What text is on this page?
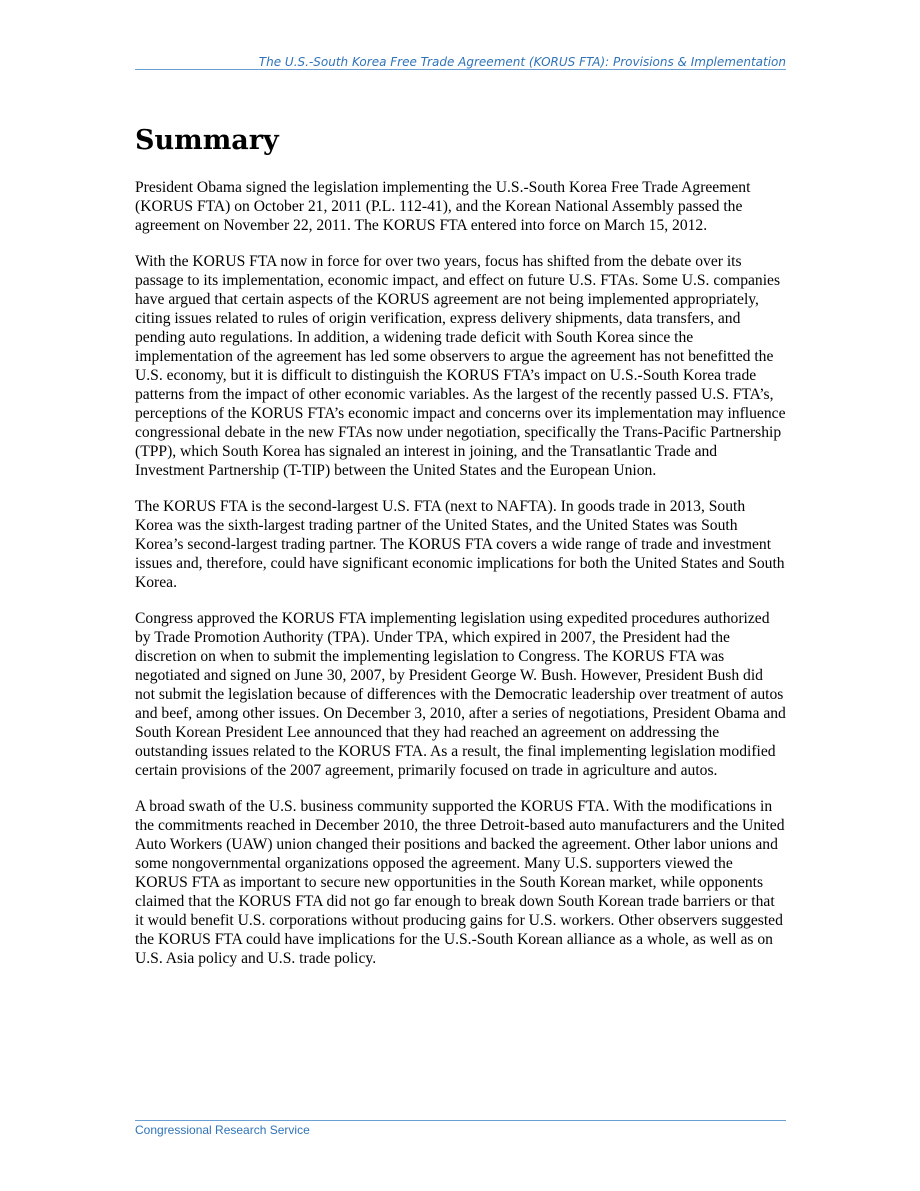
The U.S.-South Korea Free Trade Agreement (KORUS FTA): Provisions & Implementation
Summary

President Obama signed the legislation implementing the U.S.-South Korea Free Trade Agreement (KORUS FTA) on October 21, 2011 (P.L. 112-41), and the Korean National Assembly passed the agreement on November 22, 2011. The KORUS FTA entered into force on March 15, 2012.

With the KORUS FTA now in force for over two years, focus has shifted from the debate over its passage to its implementation, economic impact, and effect on future U.S. FTAs. Some U.S. companies have argued that certain aspects of the KORUS agreement are not being implemented appropriately, citing issues related to rules of origin verification, express delivery shipments, data transfers, and pending auto regulations. In addition, a widening trade deficit with South Korea since the implementation of the agreement has led some observers to argue the agreement has not benefitted the U.S. economy, but it is difficult to distinguish the KORUS FTA’s impact on U.S.-South Korea trade patterns from the impact of other economic variables. As the largest of the recently passed U.S. FTA’s, perceptions of the KORUS FTA’s economic impact and concerns over its implementation may influence congressional debate in the new FTAs now under negotiation, specifically the Trans-Pacific Partnership (TPP), which South Korea has signaled an interest in joining, and the Transatlantic Trade and Investment Partnership (T-TIP) between the United States and the European Union.

The KORUS FTA is the second-largest U.S. FTA (next to NAFTA). In goods trade in 2013, South Korea was the sixth-largest trading partner of the United States, and the United States was South Korea’s second-largest trading partner. The KORUS FTA covers a wide range of trade and investment issues and, therefore, could have significant economic implications for both the United States and South Korea.

Congress approved the KORUS FTA implementing legislation using expedited procedures authorized by Trade Promotion Authority (TPA). Under TPA, which expired in 2007, the President had the discretion on when to submit the implementing legislation to Congress. The KORUS FTA was negotiated and signed on June 30, 2007, by President George W. Bush. However, President Bush did not submit the legislation because of differences with the Democratic leadership over treatment of autos and beef, among other issues. On December 3, 2010, after a series of negotiations, President Obama and South Korean President Lee announced that they had reached an agreement on addressing the outstanding issues related to the KORUS FTA. As a result, the final implementing legislation modified certain provisions of the 2007 agreement, primarily focused on trade in agriculture and autos.

A broad swath of the U.S. business community supported the KORUS FTA. With the modifications in the commitments reached in December 2010, the three Detroit-based auto manufacturers and the United Auto Workers (UAW) union changed their positions and backed the agreement. Other labor unions and some nongovernmental organizations opposed the agreement. Many U.S. supporters viewed the KORUS FTA as important to secure new opportunities in the South Korean market, while opponents claimed that the KORUS FTA did not go far enough to break down South Korean trade barriers or that it would benefit U.S. corporations without producing gains for U.S. workers. Other observers suggested the KORUS FTA could have implications for the U.S.-South Korean alliance as a whole, as well as on U.S. Asia policy and U.S. trade policy.

Congressional Research Service
